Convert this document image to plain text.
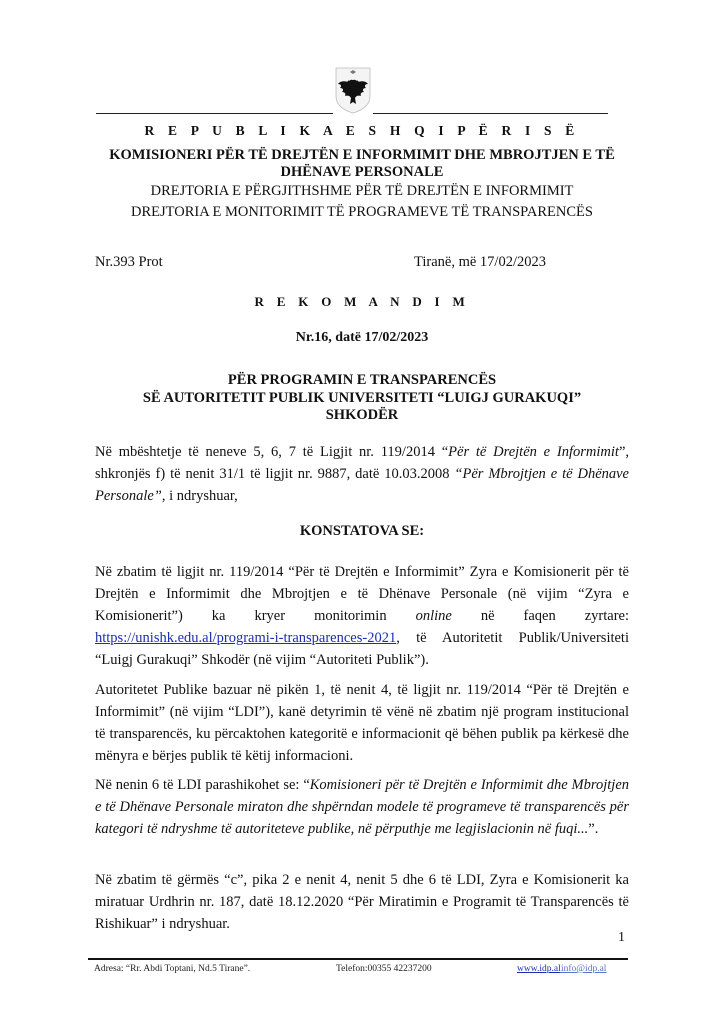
R E P U B L I K A E S H Q I P Ë R I S Ë
KOMISIONERI PËR TË DREJTËN E INFORMIMIT DHE MBROJTJEN E TË
DHËNAVE PERSONALE
DREJTORIA E PËRGJITHSHME PËR TË DREJTËN E INFORMIMIT
DREJTORIA E MONITORIMIT TË PROGRAMEVE TË TRANSPARENCËS
Nr.393 Prot	Tiranë, më 17/02/2023
R E K O M A N D I M
Nr.16, datë 17/02/2023
PËR PROGRAMIN E TRANSPARENCËS
SË AUTORITETIT PUBLIK UNIVERSITETI “LUIGJ GURAKUQI”
SHKODËR
Në mbështetje të neneve 5, 6, 7 të Ligjit nr. 119/2014 “Për të Drejtën e Informimit”, shkronjës f) të nenit 31/1 të ligjit nr. 9887, datë 10.03.2008 “Për Mbrojtjen e të Dhënave Personale”, i ndryshuar,
KONSTATOVA SE:
Në zbatim të ligjit nr. 119/2014 “Për të Drejtën e Informimit” Zyra e Komisionerit për të Drejtën e Informimit dhe Mbrojtjen e të Dhënave Personale (në vijim “Zyra e Komisionerit”) ka kryer monitorimin online në faqen zyrtare: https://unishk.edu.al/programi-i-transparences-2021, të Autoritetit Publik/Universiteti “Luigj Gurakuqi” Shkodër (në vijim “Autoriteti Publik”).
Autoritetet Publike bazuar në pikën 1, të nenit 4, të ligjit nr. 119/2014 “Për të Drejtën e Informimit” (në vijim “LDI”), kanë detyrimin të vënë në zbatim një program institucional të transparencës, ku përcaktohen kategoritë e informacionit që bëhen publik pa kërkesë dhe mënyra e bërjes publik të këtij informacioni.
Në nenin 6 të LDI parashikohet se: “Komisioneri për të Drejtën e Informimit dhe Mbrojtjen e të Dhënave Personale miraton dhe shpërndan modele të programeve të transparencës për kategori të ndryshme të autoriteteve publike, në përputhje me legjislacionin në fuqi...”.
Në zbatim të gërmës “c”, pika 2 e nenit 4, nenit 5 dhe 6 të LDI, Zyra e Komisionerit ka miratuar Urdhrin nr. 187, datë 18.12.2020 “Për Miratimin e Programit të Transparencës të Rishikuar” i ndryshuar.
1
Adresa: “Rr. Abdi Toptani, Nd.5 Tirane”.	Telefon:00355 42237200	www.idp.al info@idp.al
